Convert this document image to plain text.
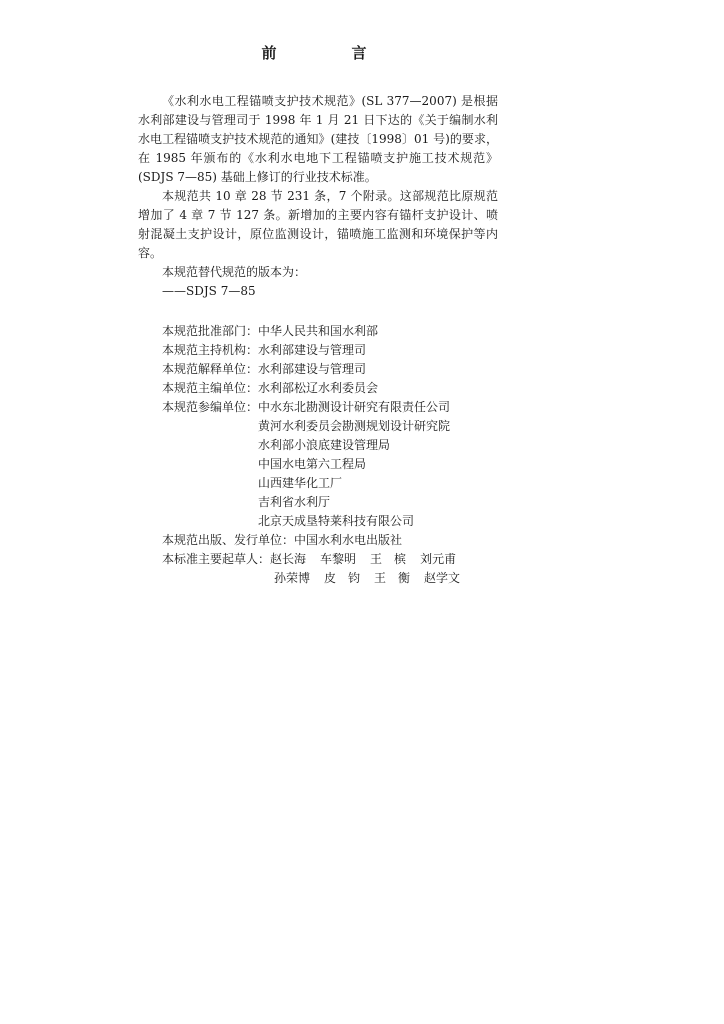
前　言

《水利水电工程锚喷支护技术规范》(SL 377—2007) 是根据水利部建设与管理司于 1998 年 1 月 21 日下达的《关于编制水利水电工程锚喷支护技术规范的通知》(建技〔1998〕01 号)的要求，在 1985 年颁布的《水利水电地下工程锚喷支护施工技术规范》(SDJS 7—85) 基础上修订的行业技术标准。

本规范共 10 章 28 节 231 条，7 个附录。这部规范比原规范增加了 4 章 7 节 127 条。新增加的主要内容有锚杆支护设计、喷射混凝土支护设计，原位监测设计，锚喷施工监测和环境保护等内容。

本规范替代规范的版本为：

——SDJS 7—85

本规范批准部门： 中华人民共和国水利部
本规范主持机构： 水利部建设与管理司
本规范解释单位： 水利部建设与管理司
本规范主编单位： 水利部松辽水利委员会
本规范参编单位： 中水东北勘测设计研究有限责任公司
黄河水利委员会勘测规划设计研究院
水利部小浪底建设管理局
中国水电第六工程局
山西建华化工厂
吉利省水利厅
北京天成垦特莱科技有限公司
本规范出版、发行单位： 中国水利水电出版社
本标准主要起草人： 赵长海 车黎明 王　槟 刘元甫
孙荣博 皮　钧 王　衡 赵学文
